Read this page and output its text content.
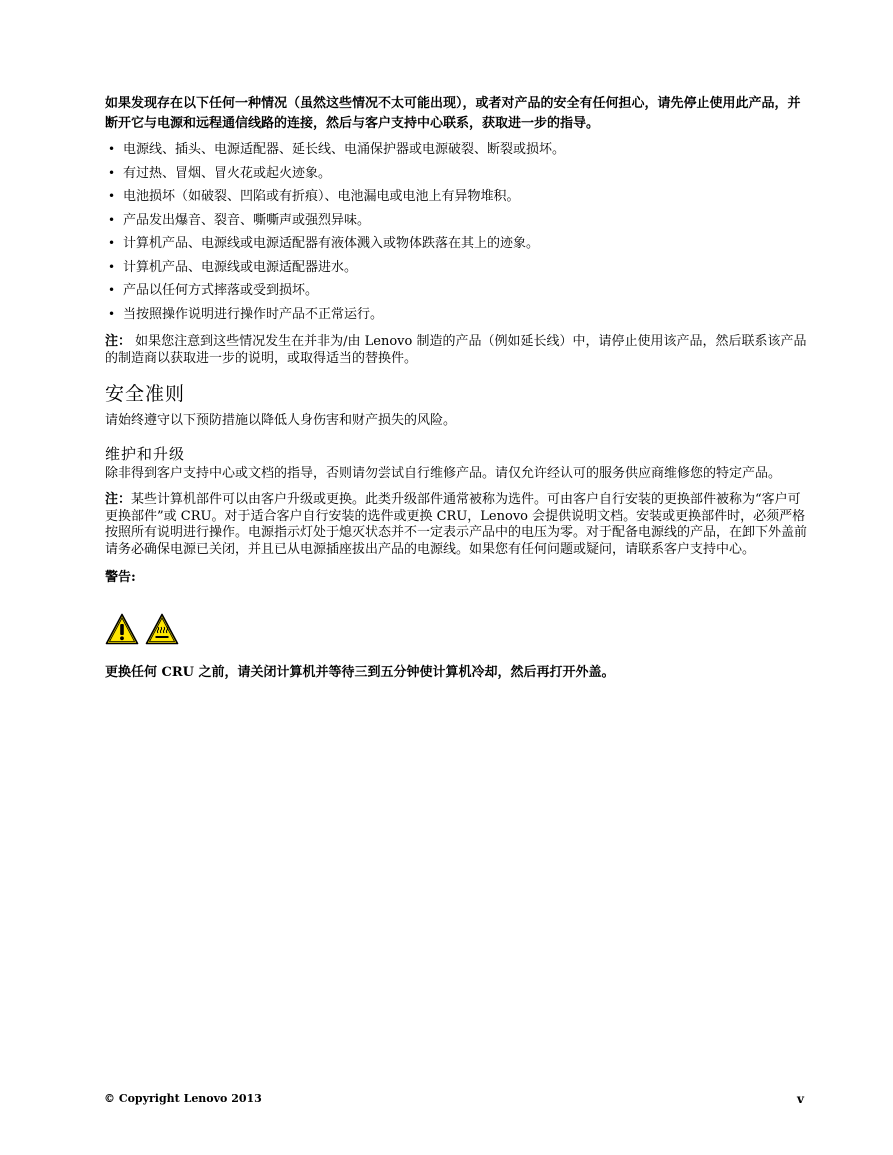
如果发现存在以下任何一种情况（虽然这些情况不太可能出现），或者对产品的安全有任何担心，请先停止使用此产品，并断开它与电源和远程通信线路的连接，然后与客户支持中心联系，获取进一步的指导。

• 电源线、插头、电源适配器、延长线、电涌保护器或电源破裂、断裂或损坏。
• 有过热、冒烟、冒火花或起火迹象。
• 电池损坏（如破裂、凹陷或有折痕）、电池漏电或电池上有异物堆积。
• 产品发出爆音、裂音、嘶嘶声或强烈异味。
• 计算机产品、电源线或电源适配器有液体溅入或物体跌落在其上的迹象。
• 计算机产品、电源线或电源适配器进水。
• 产品以任何方式摔落或受到损坏。
• 当按照操作说明进行操作时产品不正常运行。

注： 如果您注意到这些情况发生在并非为/由 Lenovo 制造的产品（例如延长线）中，请停止使用该产品，然后联系该产品的制造商以获取进一步的说明，或取得适当的替换件。

安全准则

请始终遵守以下预防措施以降低人身伤害和财产损失的风险。

维护和升级

除非得到客户支持中心或文档的指导，否则请勿尝试自行维修产品。请仅允许经认可的服务供应商维修您的特定产品。

注：某些计算机部件可以由客户升级或更换。此类升级部件通常被称为选件。可由客户自行安装的更换部件被称为“客户可更换部件”或 CRU。对于适合客户自行安装的选件或更换 CRU，Lenovo 会提供说明文档。安装或更换部件时，必须严格按照所有说明进行操作。电源指示灯处于熄灭状态并不一定表示产品中的电压为零。对于配备电源线的产品，在卸下外盖前请务必确保电源已关闭，并且已从电源插座拔出产品的电源线。如果您有任何问题或疑问，请联系客户支持中心。

警告:

更换任何 CRU 之前，请关闭计算机并等待三到五分钟使计算机冷却，然后再打开外盖。

© Copyright Lenovo 2013	v
